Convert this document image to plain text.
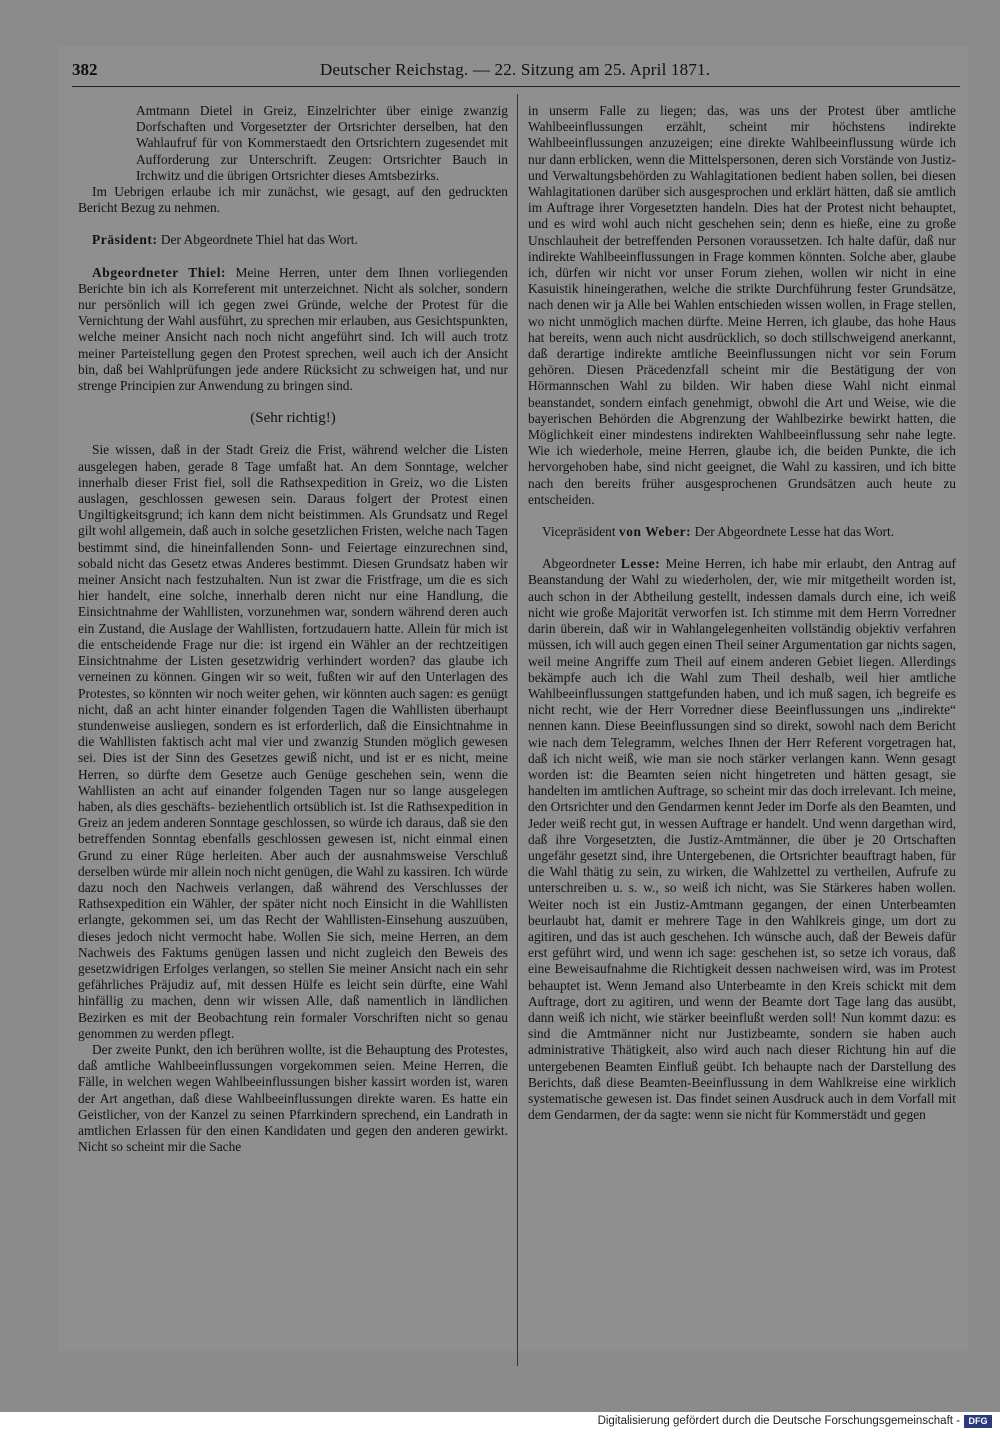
382	Deutscher Reichstag. — 22. Sitzung am 25. April 1871.

Amtmann Dietel in Greiz, Einzelrichter über einige zwanzig Dorfschaften und Vorgesetzter der Ortsrichter derselben, hat den Wahlaufruf für von Kommerstaedt den Ortsrichtern zugesendet mit Aufforderung zur Unterschrift. Zeugen: Ortsrichter Bauch in Irchwitz und die übrigen Ortsrichter dieses Amtsbezirks.

Im Uebrigen erlaube ich mir zunächst, wie gesagt, auf den gedruckten Bericht Bezug zu nehmen.

Präsident: Der Abgeordnete Thiel hat das Wort.

Abgeordneter Thiel: Meine Herren, unter dem Ihnen vorliegenden Berichte bin ich als Korreferent mit unterzeichnet. Nicht als solcher, sondern nur persönlich will ich gegen zwei Gründe, welche der Protest für die Vernichtung der Wahl ausführt, zu sprechen mir erlauben, aus Gesichtspunkten, welche meiner Ansicht nach noch nicht angeführt sind. Ich will auch trotz meiner Parteistellung gegen den Protest sprechen, weil auch ich der Ansicht bin, daß bei Wahlprüfungen jede andere Rücksicht zu schweigen hat, und nur strenge Principien zur Anwendung zu bringen sind.

(Sehr richtig!)

Sie wissen, daß in der Stadt Greiz die Frist, während welcher die Listen ausgelegen haben, gerade 8 Tage umfaßt hat. An dem Sonntage, welcher innerhalb dieser Frist fiel, soll die Rathsexpedition in Greiz, wo die Listen auslagen, geschlossen gewesen sein. Daraus folgert der Protest einen Ungiltigkeitsgrund; ich kann dem nicht beistimmen. Als Grundsatz und Regel gilt wohl allgemein, daß auch in solche gesetzlichen Fristen, welche nach Tagen bestimmt sind, die hineinfallenden Sonn- und Feiertage einzurechnen sind, sobald nicht das Gesetz etwas Anderes bestimmt. Diesen Grundsatz haben wir meiner Ansicht nach festzuhalten. Nun ist zwar die Fristfrage, um die es sich hier handelt, eine solche, innerhalb deren nicht nur eine Handlung, die Einsichtnahme der Wahllisten, vorzunehmen war, sondern während deren auch ein Zustand, die Auslage der Wahllisten, fortzudauern hatte. Allein für mich ist die entscheidende Frage nur die: ist irgend ein Wähler an der rechtzeitigen Einsichtnahme der Listen gesetzwidrig verhindert worden? das glaube ich verneinen zu können. Gingen wir so weit, fußten wir auf den Unterlagen des Protestes, so könnten wir noch weiter gehen, wir könnten auch sagen: es genügt nicht, daß an acht hinter einander folgenden Tagen die Wahllisten überhaupt stundenweise ausliegen, sondern es ist erforderlich, daß die Einsichtnahme in die Wahllisten faktisch acht mal vier und zwanzig Stunden möglich gewesen sei. Dies ist der Sinn des Gesetzes gewiß nicht, und ist er es nicht, meine Herren, so dürfte dem Gesetze auch Genüge geschehen sein, wenn die Wahllisten an acht auf einander folgenden Tagen nur so lange ausgelegen haben, als dies geschäfts- beziehentlich ortsüblich ist. Ist die Rathsexpedition in Greiz an jedem anderen Sonntage geschlossen, so würde ich daraus, daß sie den betreffenden Sonntag ebenfalls geschlossen gewesen ist, nicht einmal einen Grund zu einer Rüge herleiten. Aber auch der ausnahmsweise Verschluß derselben würde mir allein noch nicht genügen, die Wahl zu kassiren. Ich würde dazu noch den Nachweis verlangen, daß während des Verschlusses der Rathsexpedition ein Wähler, der später nicht noch Einsicht in die Wahllisten erlangte, gekommen sei, um das Recht der Wahllisten-Einsehung auszuüben, dieses jedoch nicht vermocht habe. Wollen Sie sich, meine Herren, an dem Nachweis des Faktums genügen lassen und nicht zugleich den Beweis des gesetzwidrigen Erfolges verlangen, so stellen Sie meiner Ansicht nach ein sehr gefährliches Präjudiz auf, mit dessen Hülfe es leicht sein dürfte, eine Wahl hinfällig zu machen, denn wir wissen Alle, daß namentlich in ländlichen Bezirken es mit der Beobachtung rein formaler Vorschriften nicht so genau genommen zu werden pflegt.

Der zweite Punkt, den ich berühren wollte, ist die Behauptung des Protestes, daß amtliche Wahlbeeinflussungen vorgekommen seien. Meine Herren, die Fälle, in welchen wegen Wahlbeeinflussungen bisher kassirt worden ist, waren der Art angethan, daß diese Wahlbeeinflussungen direkte waren. Es hatte ein Geistlicher, von der Kanzel zu seinen Pfarrkindern sprechend, ein Landrath in amtlichen Erlassen für den einen Kandidaten und gegen den anderen gewirkt. Nicht so scheint mir die Sache

in unserm Falle zu liegen; das, was uns der Protest über amtliche Wahlbeeinflussungen erzählt, scheint mir höchstens indirekte Wahlbeeinflussungen anzuzeigen; eine direkte Wahlbeeinflussung würde ich nur dann erblicken, wenn die Mittelspersonen, deren sich Vorstände von Justiz- und Verwaltungsbehörden zu Wahlagitationen bedient haben sollen, bei diesen Wahlagitationen darüber sich ausgesprochen und erklärt hätten, daß sie amtlich im Auftrage ihrer Vorgesetzten handeln. Dies hat der Protest nicht behauptet, und es wird wohl auch nicht geschehen sein; denn es hieße, eine zu große Unschlauheit der betreffenden Personen voraussetzen. Ich halte dafür, daß nur indirekte Wahlbeeinflussungen in Frage kommen könnten. Solche aber, glaube ich, dürfen wir nicht vor unser Forum ziehen, wollen wir nicht in eine Kasuistik hineingerathen, welche die strikte Durchführung fester Grundsätze, nach denen wir ja Alle bei Wahlen entschieden wissen wollen, in Frage stellen, wo nicht unmöglich machen dürfte. Meine Herren, ich glaube, das hohe Haus hat bereits, wenn auch nicht ausdrücklich, so doch stillschweigend anerkannt, daß derartige indirekte amtliche Beeinflussungen nicht vor sein Forum gehören. Diesen Präcedenzfall scheint mir die Bestätigung der von Hörmannschen Wahl zu bilden. Wir haben diese Wahl nicht einmal beanstandet, sondern einfach genehmigt, obwohl die Art und Weise, wie die bayerischen Behörden die Abgrenzung der Wahlbezirke bewirkt hatten, die Möglichkeit einer mindestens indirekten Wahlbeeinflussung sehr nahe legte. Wie ich wiederhole, meine Herren, glaube ich, die beiden Punkte, die ich hervorgehoben habe, sind nicht geeignet, die Wahl zu kassiren, und ich bitte nach den bereits früher ausgesprochenen Grundsätzen auch heute zu entscheiden.

Vicepräsident von Weber: Der Abgeordnete Lesse hat das Wort.

Abgeordneter Lesse: Meine Herren, ich habe mir erlaubt, den Antrag auf Beanstandung der Wahl zu wiederholen, der, wie mir mitgetheilt worden ist, auch schon in der Abtheilung gestellt, indessen damals durch eine, ich weiß nicht wie große Majorität verworfen ist. Ich stimme mit dem Herrn Vorredner darin überein, daß wir in Wahlangelegenheiten vollständig objektiv verfahren müssen, ich will auch gegen einen Theil seiner Argumentation gar nichts sagen, weil meine Angriffe zum Theil auf einem anderen Gebiet liegen. Allerdings bekämpfe auch ich die Wahl zum Theil deshalb, weil hier amtliche Wahlbeeinflussungen stattgefunden haben, und ich muß sagen, ich begreife es nicht recht, wie der Herr Vorredner diese Beeinflussungen uns „indirekte“ nennen kann. Diese Beeinflussungen sind so direkt, sowohl nach dem Bericht wie nach dem Telegramm, welches Ihnen der Herr Referent vorgetragen hat, daß ich nicht weiß, wie man sie noch stärker verlangen kann. Wenn gesagt worden ist: die Beamten seien nicht hingetreten und hätten gesagt, sie handelten im amtlichen Auftrage, so scheint mir das doch irrelevant. Ich meine, den Ortsrichter und den Gendarmen kennt Jeder im Dorfe als den Beamten, und Jeder weiß recht gut, in wessen Auftrage er handelt. Und wenn dargethan wird, daß ihre Vorgesetzten, die Justiz-Amtmänner, die über je 20 Ortschaften ungefähr gesetzt sind, ihre Untergebenen, die Ortsrichter beauftragt haben, für die Wahl thätig zu sein, zu wirken, die Wahlzettel zu vertheilen, Aufrufe zu unterschreiben u. s. w., so weiß ich nicht, was Sie Stärkeres haben wollen. Weiter noch ist ein Justiz-Amtmann gegangen, der einen Unterbeamten beurlaubt hat, damit er mehrere Tage in den Wahlkreis ginge, um dort zu agitiren, und das ist auch geschehen. Ich wünsche auch, daß der Beweis dafür erst geführt wird, und wenn ich sage: geschehen ist, so setze ich voraus, daß eine Beweisaufnahme die Richtigkeit dessen nachweisen wird, was im Protest behauptet ist. Wenn Jemand also Unterbeamte in den Kreis schickt mit dem Auftrage, dort zu agitiren, und wenn der Beamte dort Tage lang das ausübt, dann weiß ich nicht, wie stärker beeinflußt werden soll! Nun kommt dazu: es sind die Amtmänner nicht nur Justizbeamte, sondern sie haben auch administrative Thätigkeit, also wird auch nach dieser Richtung hin auf die untergebenen Beamten Einfluß geübt. Ich behaupte nach der Darstellung des Berichts, daß diese Beamten-Beeinflussung in dem Wahlkreise eine wirklich systematische gewesen ist. Das findet seinen Ausdruck auch in dem Vorfall mit dem Gendarmen, der da sagte: wenn sie nicht für Kommerstädt und gegen

Digitalisierung gefördert durch die Deutsche Forschungsgemeinschaft - DFG
